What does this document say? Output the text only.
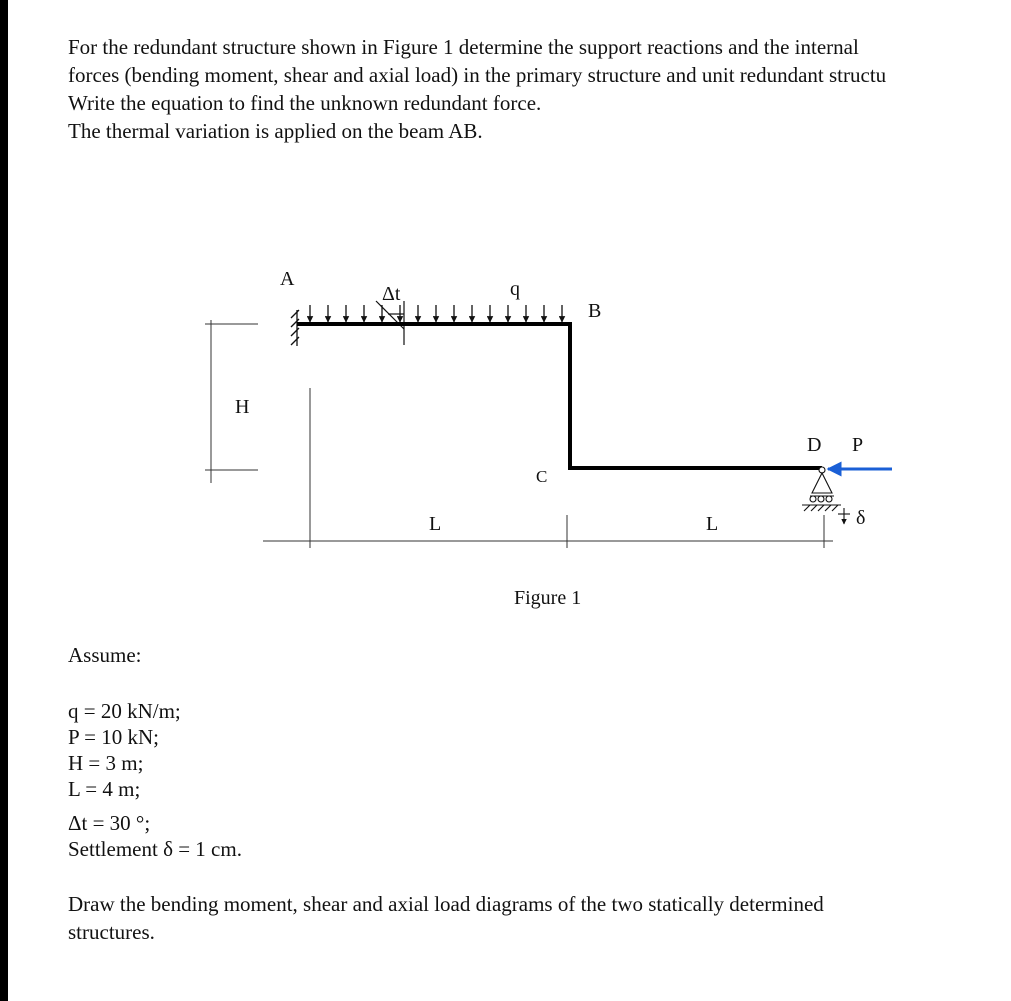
For the redundant structure shown in Figure 1 determine the support reactions and the internal
forces (bending moment, shear and axial load) in the primary structure and unit redundant structu
Write the equation to find the unknown redundant force.
The thermal variation is applied on the beam AB.
A
Δt	q
B
H
D P
C
δ
L	L
Figure 1
Assume:
q = 20 kN/m;
P = 10 kN;
H = 3 m;
L = 4 m;
Δt = 30 °;
Settlement δ = 1 cm.
Draw the bending moment, shear and axial load diagrams of the two statically determined
structures.
